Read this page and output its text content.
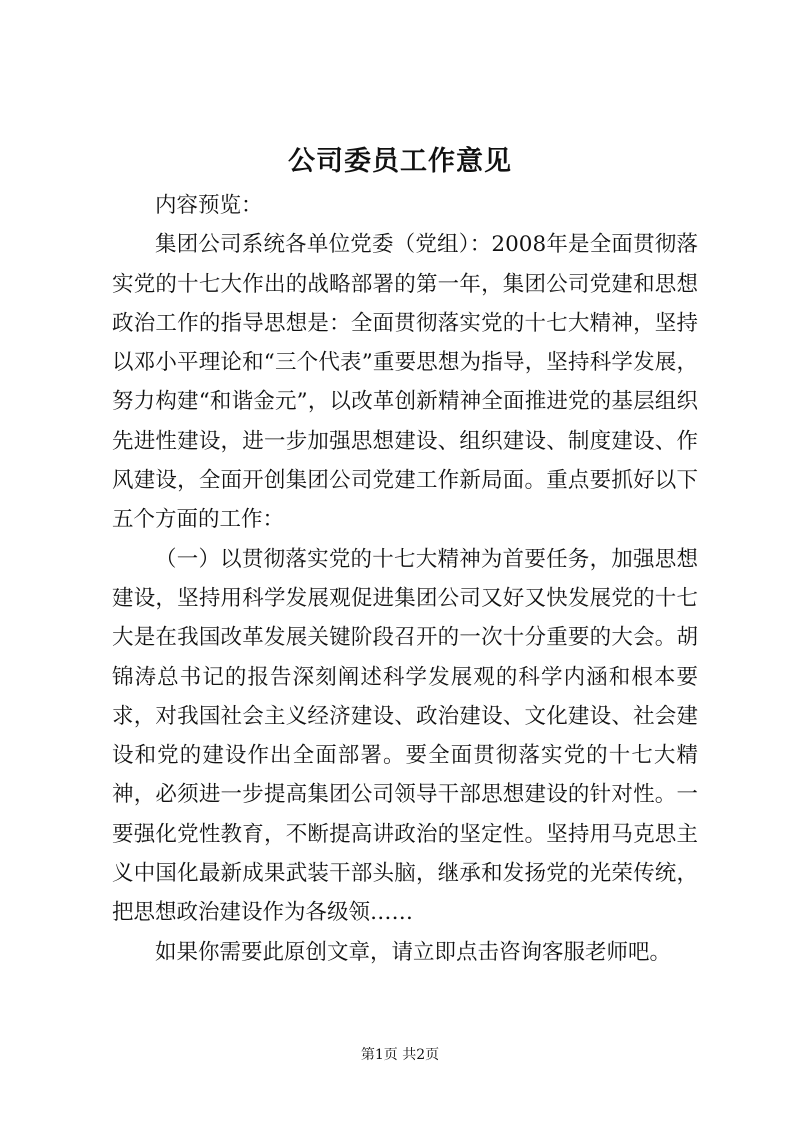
公司委员工作意见

内容预览：

集团公司系统各单位党委（党组）：2008年是全面贯彻落实党的十七大作出的战略部署的第一年，集团公司党建和思想政治工作的指导思想是：全面贯彻落实党的十七大精神，坚持以邓小平理论和“三个代表”重要思想为指导，坚持科学发展，努力构建“和谐金元”，以改革创新精神全面推进党的基层组织先进性建设，进一步加强思想建设、组织建设、制度建设、作风建设，全面开创集团公司党建工作新局面。重点要抓好以下五个方面的工作：

（一）以贯彻落实党的十七大精神为首要任务，加强思想建设，坚持用科学发展观促进集团公司又好又快发展党的十七大是在我国改革发展关键阶段召开的一次十分重要的大会。胡锦涛总书记的报告深刻阐述科学发展观的科学内涵和根本要求，对我国社会主义经济建设、政治建设、文化建设、社会建设和党的建设作出全面部署。要全面贯彻落实党的十七大精神，必须进一步提高集团公司领导干部思想建设的针对性。一要强化党性教育，不断提高讲政治的坚定性。坚持用马克思主义中国化最新成果武装干部头脑，继承和发扬党的光荣传统，把思想政治建设作为各级领……

如果你需要此原创文章，请立即点击咨询客服老师吧。

第1页 共2页
